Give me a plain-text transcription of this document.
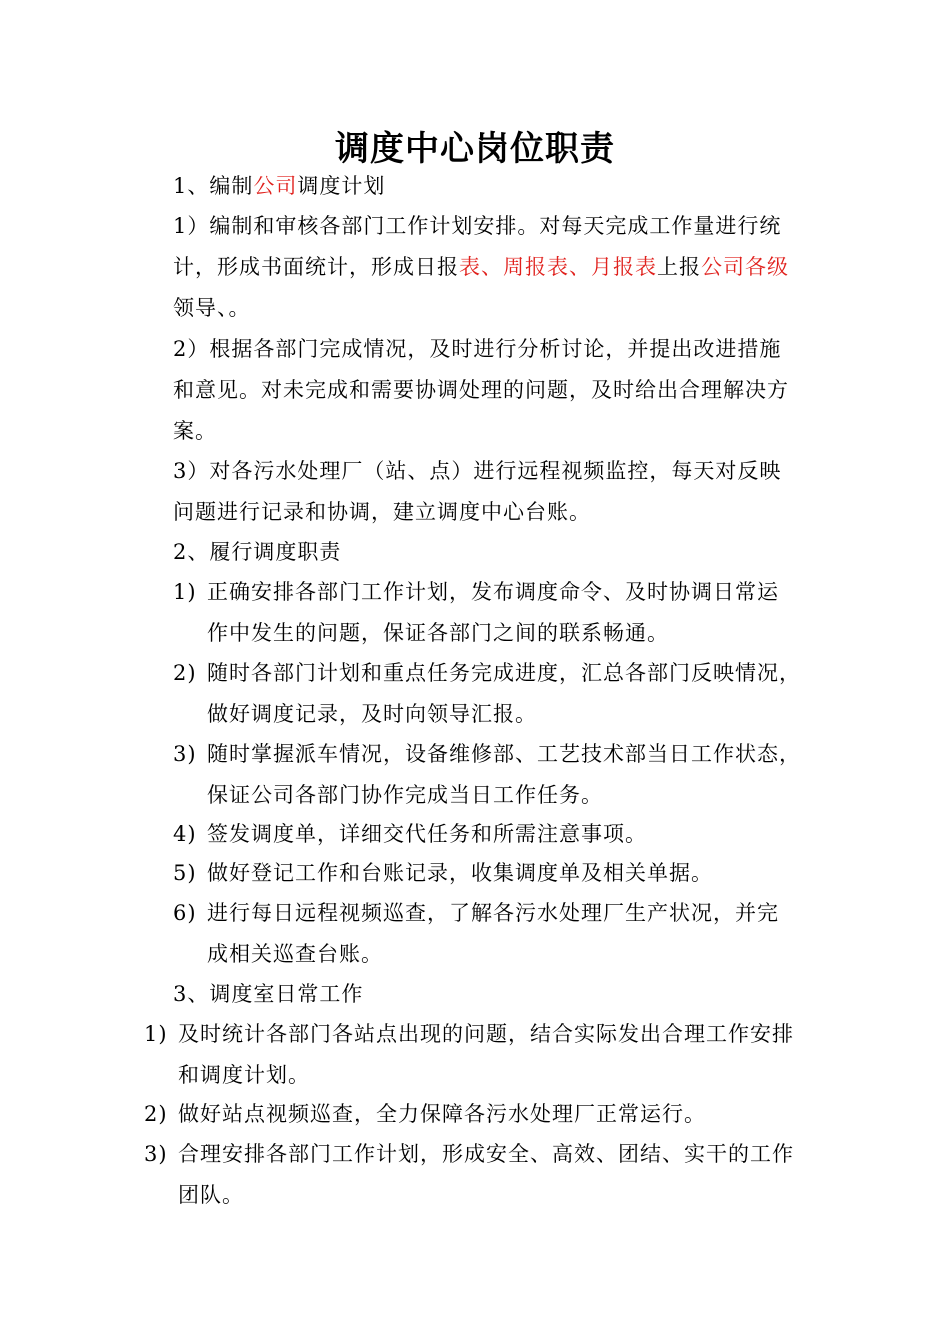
调度中心岗位职责
1、编制公司调度计划
1）编制和审核各部门工作计划安排。对每天完成工作量进行统
计，形成书面统计，形成日报表、周报表、月报表上报公司各级
领导、。
2）根据各部门完成情况，及时进行分析讨论，并提出改进措施
和意见。对未完成和需要协调处理的问题，及时给出合理解决方
案。
3）对各污水处理厂（站、点）进行远程视频监控，每天对反映
问题进行记录和协调，建立调度中心台账。
2、履行调度职责
1) 正确安排各部门工作计划，发布调度命令、及时协调日常运
作中发生的问题，保证各部门之间的联系畅通。
2) 随时各部门计划和重点任务完成进度，汇总各部门反映情况，
做好调度记录，及时向领导汇报。
3) 随时掌握派车情况，设备维修部、工艺技术部当日工作状态，
保证公司各部门协作完成当日工作任务。
4) 签发调度单，详细交代任务和所需注意事项。
5) 做好登记工作和台账记录，收集调度单及相关单据。
6) 进行每日远程视频巡查，了解各污水处理厂生产状况，并完
成相关巡查台账。
3、调度室日常工作
1) 及时统计各部门各站点出现的问题，结合实际发出合理工作安排
和调度计划。
2) 做好站点视频巡查，全力保障各污水处理厂正常运行。
3) 合理安排各部门工作计划，形成安全、高效、团结、实干的工作
团队。
